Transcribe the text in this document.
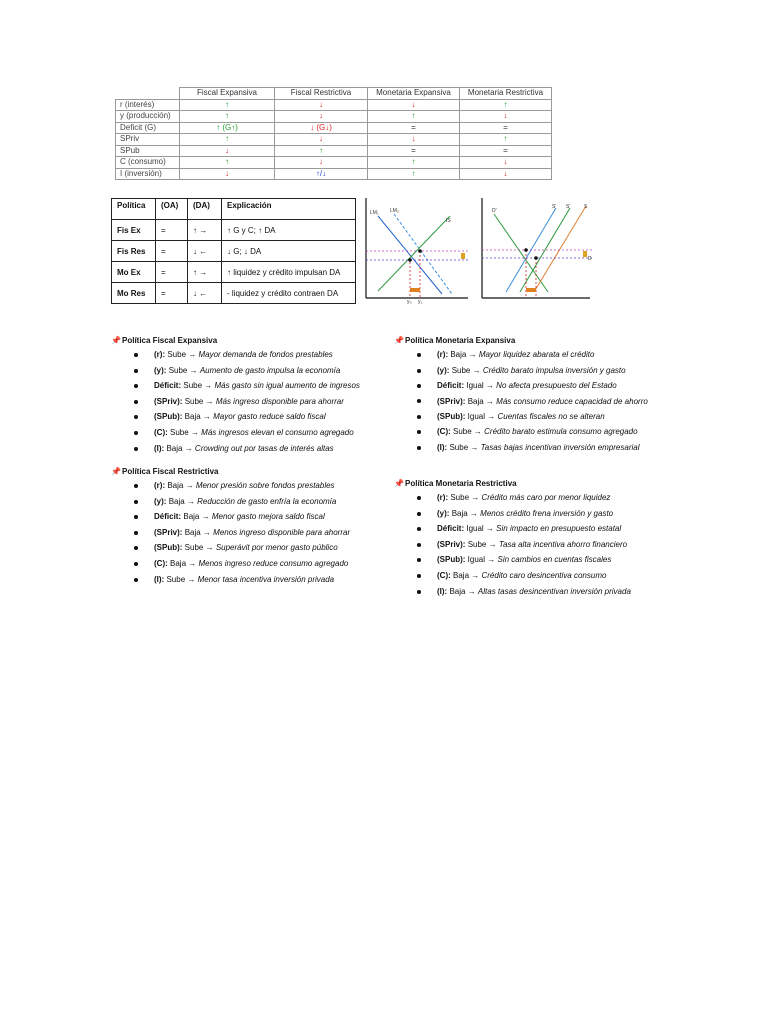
	Fiscal Expansiva	Fiscal Restrictiva	Monetaria Expansiva	Monetaria Restrictiva
r (interés)	↑	↓	↓	↑
y (producción)	↑	↓	↑	↓
Deficit (G)	↑ (G↑)	↓ (G↓)	=	=
SPriv	↑	↓	↓	↑
SPub	↓	↑	=	=
C (consumo)	↑	↓	↑	↓
I (inversión)	↓	↑/↓	↑	↓
Política	(OA)	(DA)	Explicación
Fis Ex	=	↑ →	↑ G y C; ↑ DA
Fis Res	=	↓ ←	↓ G; ↓ DA
Mo Ex	=	↑ →	↑ liquidez y crédito impulsan DA
Mo Res	=	↓ ←	- liquidez y crédito contraen DA
LM₁ LM₂
IS
y₀ y₁
D'
S' S'	S
D
📌Política Fiscal Expansiva
(r): Sube → Mayor demanda de fondos prestables
(y): Sube → Aumento de gasto impulsa la economía
Déficit: Sube → Más gasto sin igual aumento de ingresos
(SPriv): Sube → Más ingreso disponible para ahorrar
(SPub): Baja → Mayor gasto reduce saldo fiscal
(C): Sube → Más ingresos elevan el consumo agregado
(I): Baja → Crowding out por tasas de interés altas
📌Política Fiscal Restrictiva
(r): Baja → Menor presión sobre fondos prestables
(y): Baja → Reducción de gasto enfría la economía
Déficit: Baja → Menor gasto mejora saldo fiscal
(SPriv): Baja → Menos ingreso disponible para ahorrar
(SPub): Sube → Superávit por menor gasto público
(C): Baja → Menos ingreso reduce consumo agregado
(I): Sube → Menor tasa incentiva inversión privada
📌Política Monetaria Expansiva
(r): Baja → Mayor liquidez abarata el crédito
(y): Sube → Crédito barato impulsa inversión y gasto
Déficit: Igual → No afecta presupuesto del Estado
(SPriv): Baja → Más consumo reduce capacidad de ahorro
(SPub): Igual → Cuentas fiscales no se alteran
(C): Sube → Crédito barato estimula consumo agregado
(I): Sube → Tasas bajas incentivan inversión empresarial
📌Política Monetaria Restrictiva
(r): Sube → Crédito más caro por menor liquidez
(y): Baja → Menos crédito frena inversión y gasto
Déficit: Igual → Sin impacto en presupuesto estatal
(SPriv): Sube → Tasa alta incentiva ahorro financiero
(SPub): Igual → Sin cambios en cuentas fiscales
(C): Baja → Crédito caro desincentiva consumo
(I): Baja → Altas tasas desincentivan inversión privada
